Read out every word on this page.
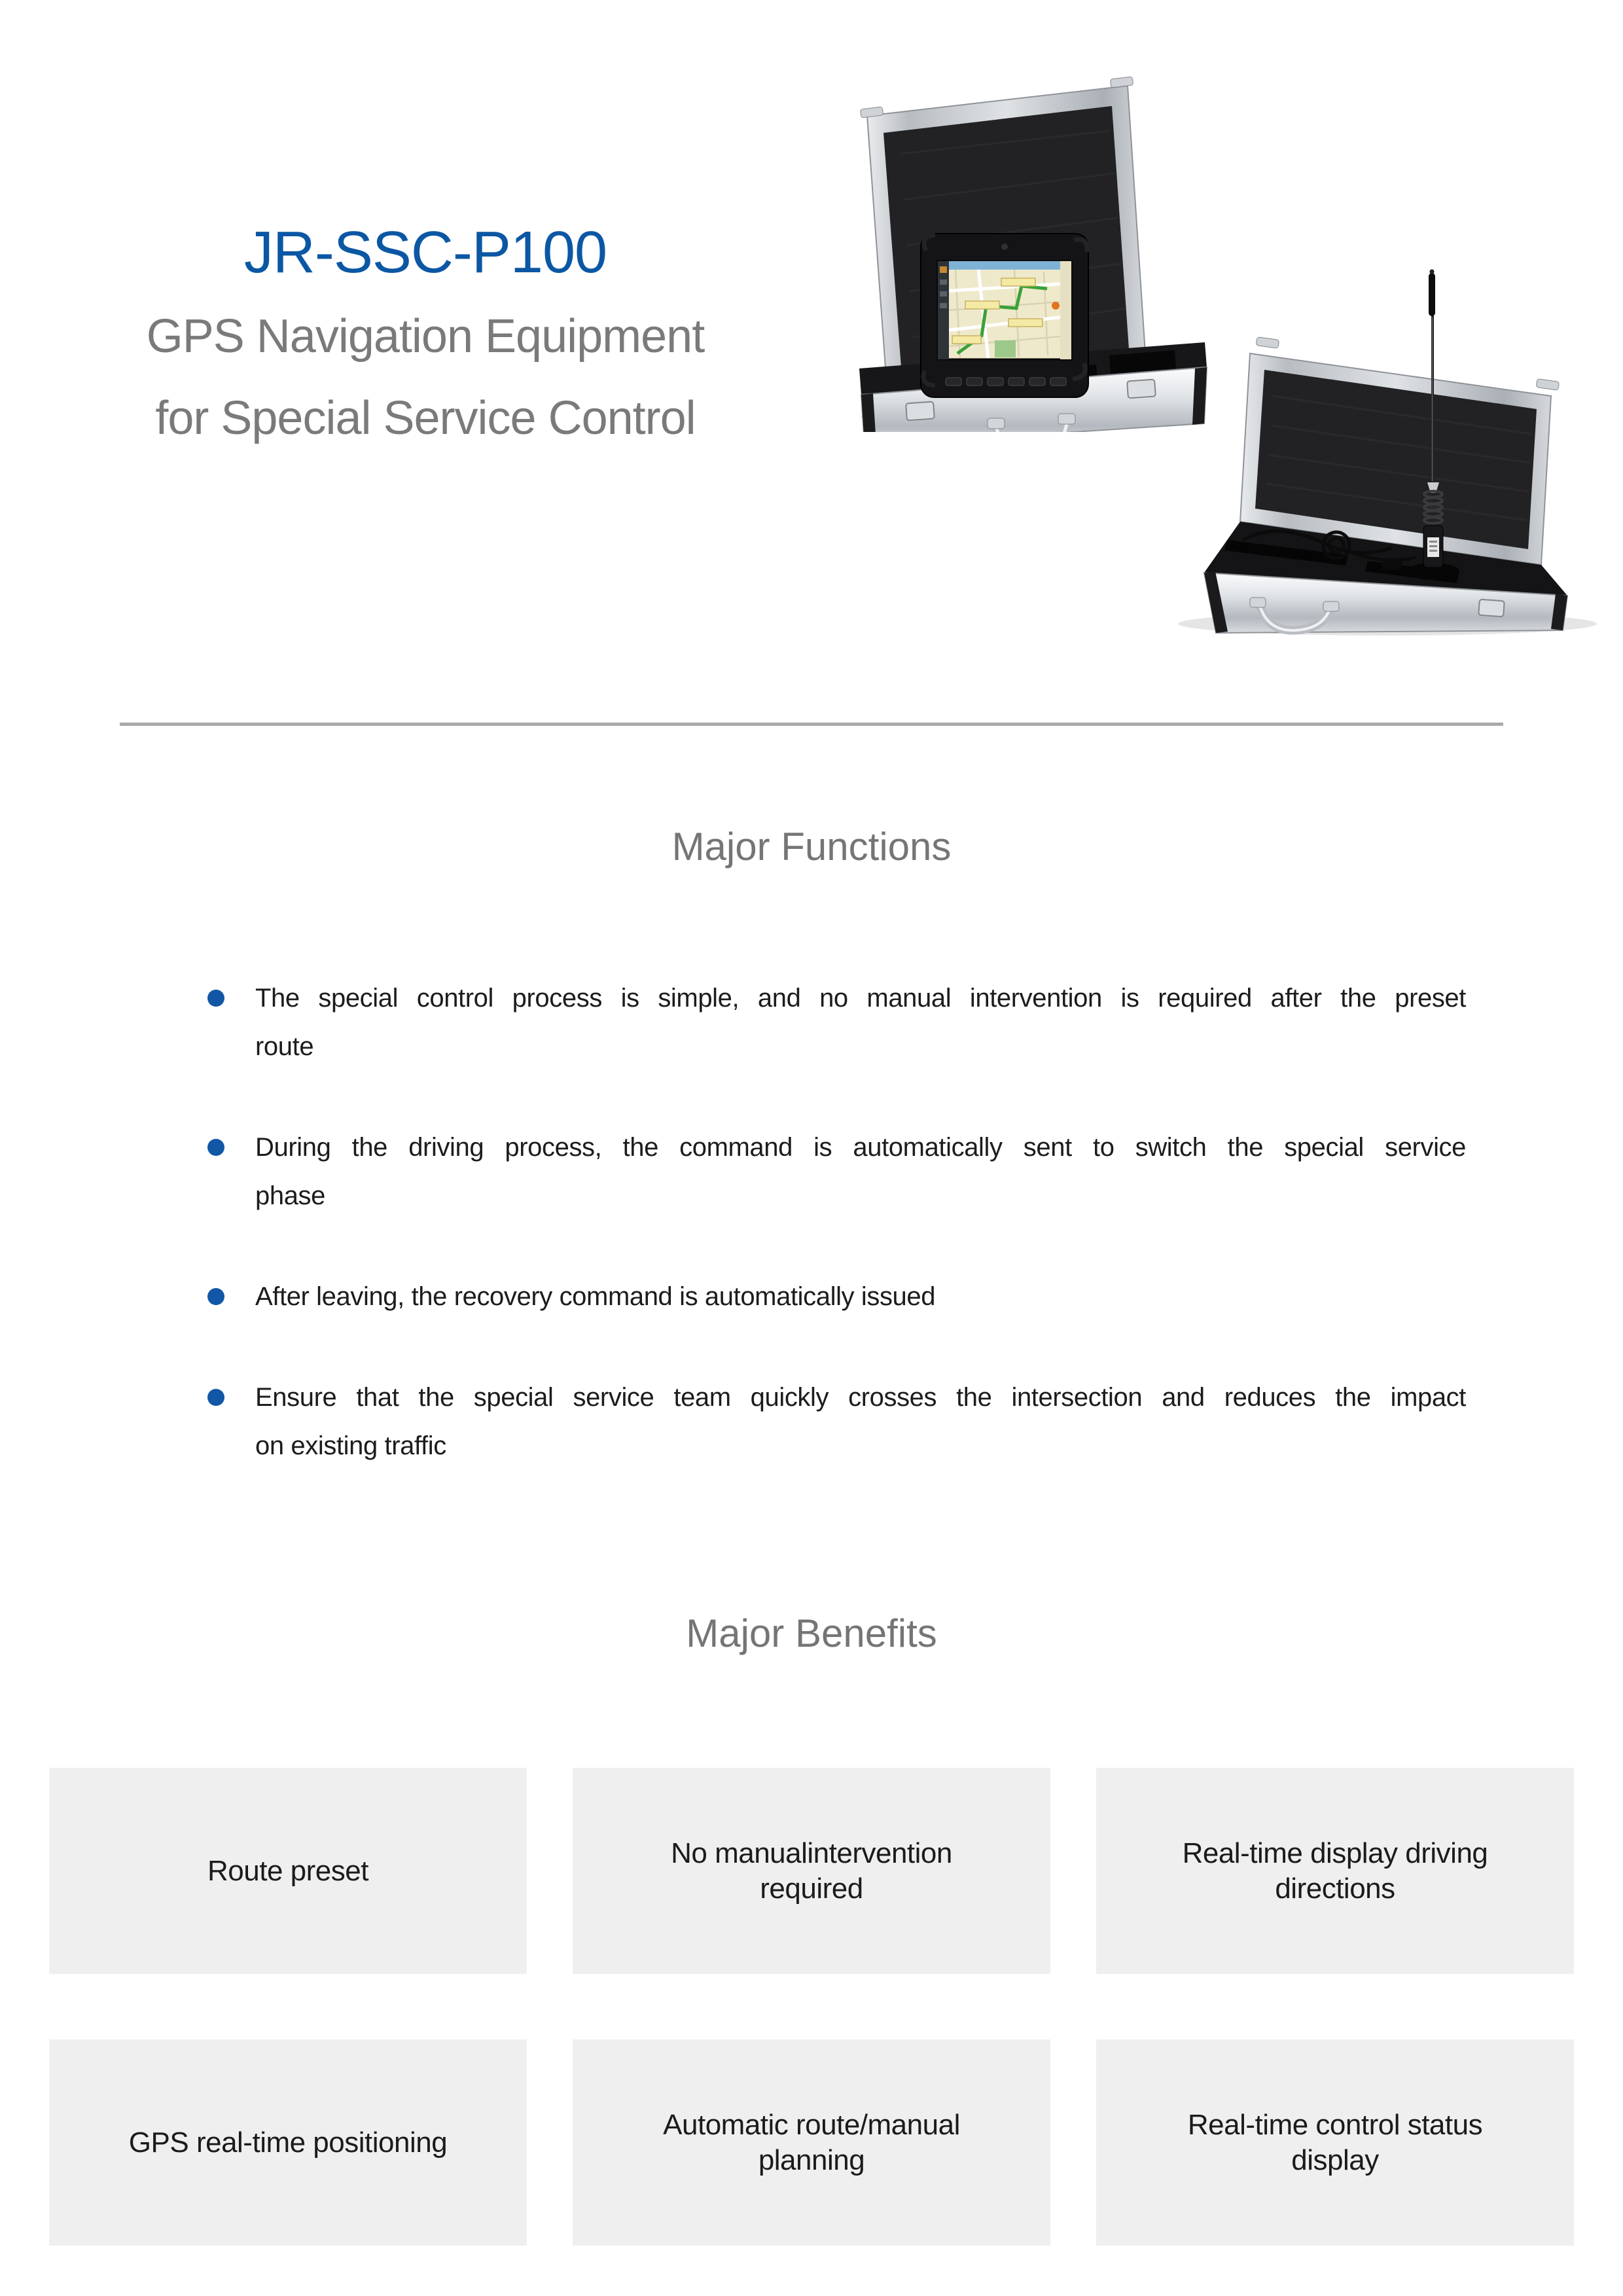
JR-SSC-P100
GPS Navigation Equipment
for Special Service Control
Major Functions
The special control process is simple, and no manual intervention is required after the preset
route
During the driving process, the command is automatically sent to switch the special service
phase
After leaving, the recovery command is automatically issued
Ensure that the special service team quickly crosses the intersection and reduces the impact
on existing traffic
Major Benefits
Route preset
No manualintervention
required
Real-time display driving
directions
GPS real-time positioning
Automatic route/manual
planning
Real-time control status
display
